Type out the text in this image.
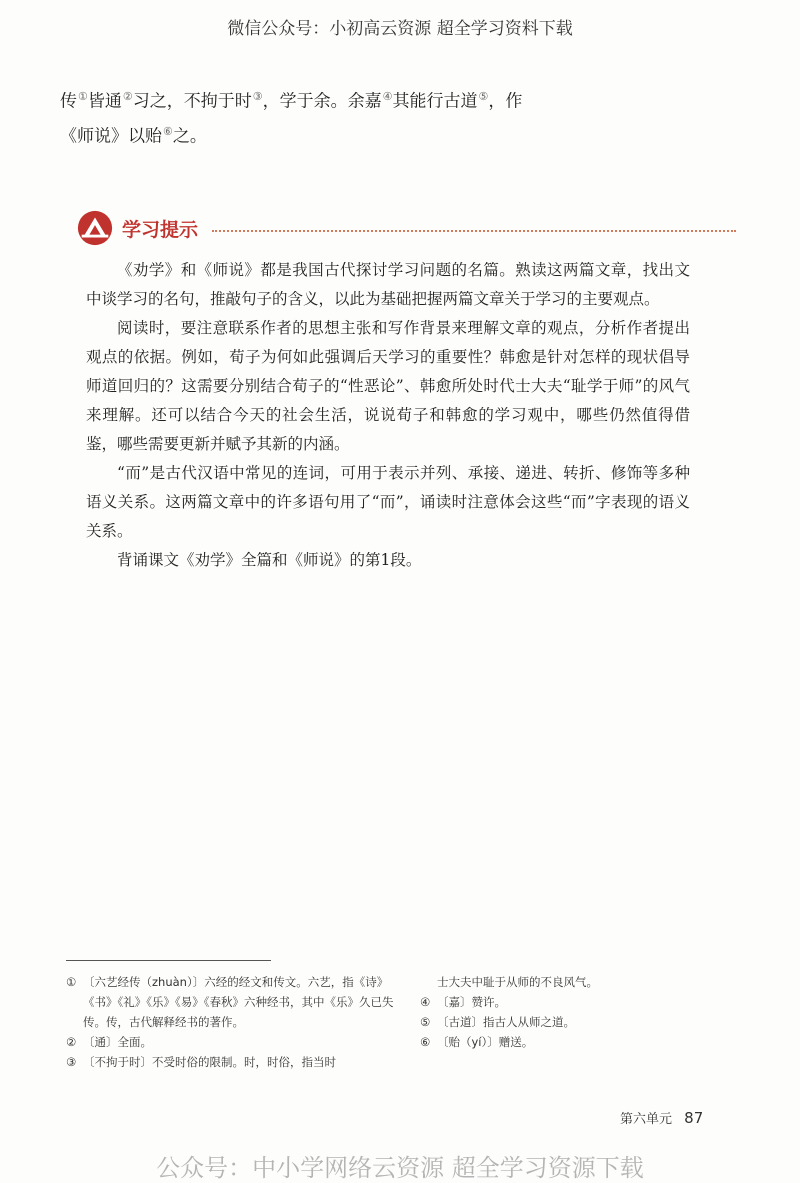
微信公众号：小初高云资源 超全学习资料下载
传①皆通②习之，不拘于时③，学于余。余嘉④其能行古道⑤，作
《师说》以贻⑥之。
学习提示

《劝学》和《师说》都是我国古代探讨学习问题的名篇。熟读这两篇文章，找出文中谈学习的名句，推敲句子的含义，以此为基础把握两篇文章关于学习的主要观点。

阅读时，要注意联系作者的思想主张和写作背景来理解文章的观点，分析作者提出观点的依据。例如，荀子为何如此强调后天学习的重要性？韩愈是针对怎样的现状倡导师道回归的？这需要分别结合荀子的“性恶论”、韩愈所处时代士大夫“耻学于师”的风气来理解。还可以结合今天的社会生活，说说荀子和韩愈的学习观中，哪些仍然值得借鉴，哪些需要更新并赋予其新的内涵。

“而”是古代汉语中常见的连词，可用于表示并列、承接、递进、转折、修饰等多种语义关系。这两篇文章中的许多语句用了“而”，诵读时注意体会这些“而”字表现的语义关系。

背诵课文《劝学》全篇和《师说》的第1段。

① 〔六艺经传（zhuàn）〕六经的经文和传文。六艺，指《诗》《书》《礼》《乐》《易》《春秋》六种经书，其中《乐》久已失传。传，古代解释经书的著作。
② 〔通〕全面。
③ 〔不拘于时〕不受时俗的限制。时，时俗，指当时
士大夫中耻于从师的不良风气。
④ 〔嘉〕赞许。
⑤ 〔古道〕指古人从师之道。
⑥ 〔贻（yí）〕赠送。
第六单元 87
公众号：中小学网络云资源 超全学习资源下载
